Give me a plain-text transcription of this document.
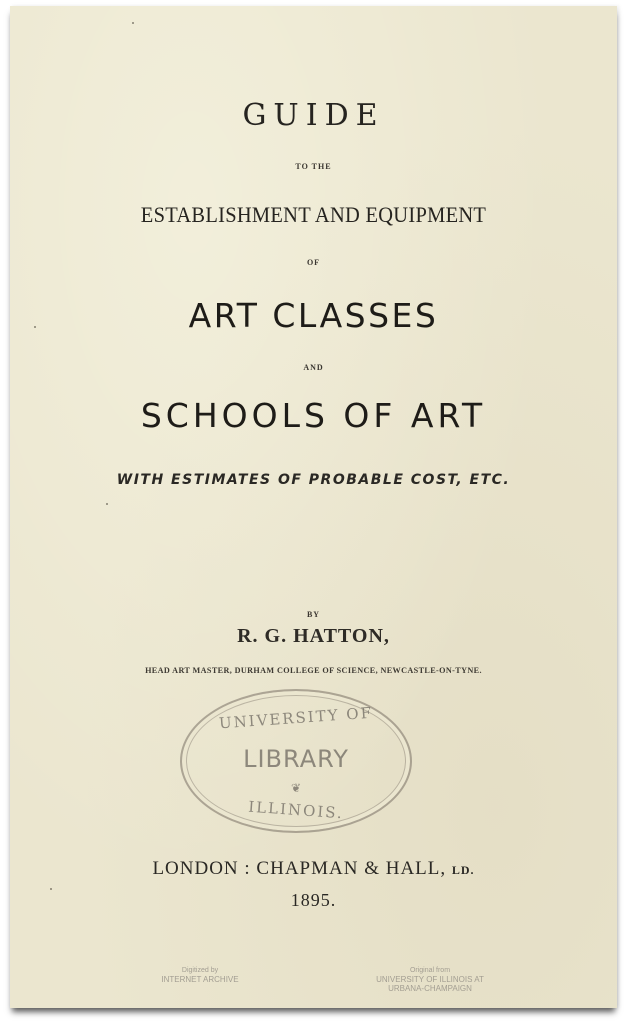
GUIDE
TO THE
ESTABLISHMENT AND EQUIPMENT
OF
ART CLASSES
AND
SCHOOLS OF ART
WITH ESTIMATES OF PROBABLE COST, ETC.
BY
R. G. HATTON,
HEAD ART MASTER, DURHAM COLLEGE OF SCIENCE, NEWCASTLE-ON-TYNE.
UNIVERSITY OF
LIBRARY
❦
ILLINOIS.
LONDON : CHAPMAN & HALL, LD.
1895.
Digitized by
INTERNET ARCHIVE
Original from
UNIVERSITY OF ILLINOIS AT
URBANA-CHAMPAIGN
